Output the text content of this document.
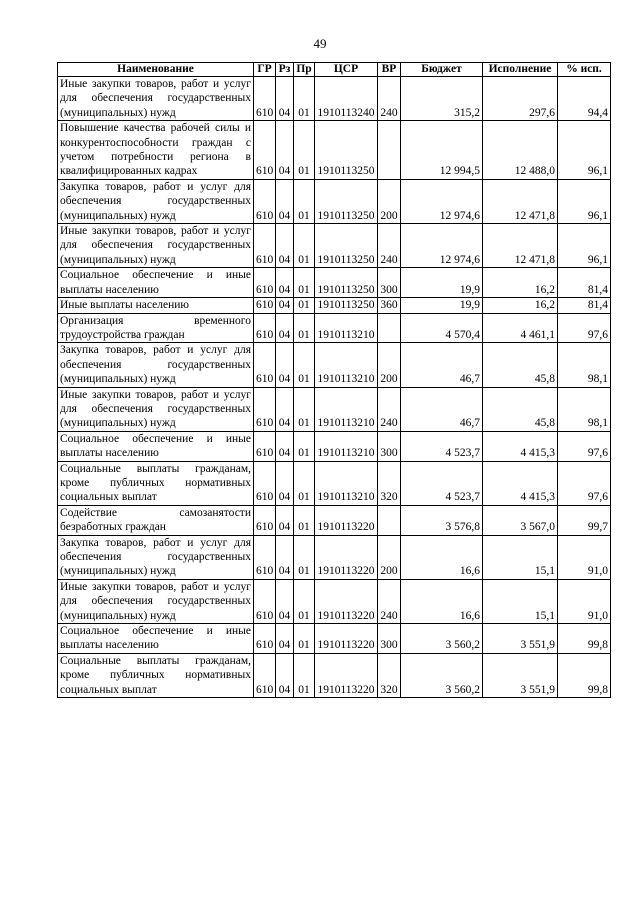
49
Наименование	ГР	Рз	Пр	ЦСР	ВР	Бюджет	Исполнение	% исп.
Иные закупки товаров, работ и услуг для обеспечения государственных (муниципальных) нужд	610	04	01	1910113240	240	315,2	297,6	94,4
Повышение качества рабочей силы и конкурентоспособности граждан с учетом потребности региона в квалифицированных кадрах	610	04	01	1910113250		12 994,5	12 488,0	96,1
Закупка товаров, работ и услуг для обеспечения государственных (муниципальных) нужд	610	04	01	1910113250	200	12 974,6	12 471,8	96,1
Иные закупки товаров, работ и услуг для обеспечения государственных (муниципальных) нужд	610	04	01	1910113250	240	12 974,6	12 471,8	96,1
Социальное обеспечение и иные выплаты населению	610	04	01	1910113250	300	19,9	16,2	81,4
Иные выплаты населению	610	04	01	1910113250	360	19,9	16,2	81,4
Организация временного трудоустройства граждан	610	04	01	1910113210		4 570,4	4 461,1	97,6
Закупка товаров, работ и услуг для обеспечения государственных (муниципальных) нужд	610	04	01	1910113210	200	46,7	45,8	98,1
Иные закупки товаров, работ и услуг для обеспечения государственных (муниципальных) нужд	610	04	01	1910113210	240	46,7	45,8	98,1
Социальное обеспечение и иные выплаты населению	610	04	01	1910113210	300	4 523,7	4 415,3	97,6
Социальные выплаты гражданам, кроме публичных нормативных социальных выплат	610	04	01	1910113210	320	4 523,7	4 415,3	97,6
Содействие самозанятости безработных граждан	610	04	01	1910113220		3 576,8	3 567,0	99,7
Закупка товаров, работ и услуг для обеспечения государственных (муниципальных) нужд	610	04	01	1910113220	200	16,6	15,1	91,0
Иные закупки товаров, работ и услуг для обеспечения государственных (муниципальных) нужд	610	04	01	1910113220	240	16,6	15,1	91,0
Социальное обеспечение и иные выплаты населению	610	04	01	1910113220	300	3 560,2	3 551,9	99,8
Социальные выплаты гражданам, кроме публичных нормативных социальных выплат	610	04	01	1910113220	320	3 560,2	3 551,9	99,8
